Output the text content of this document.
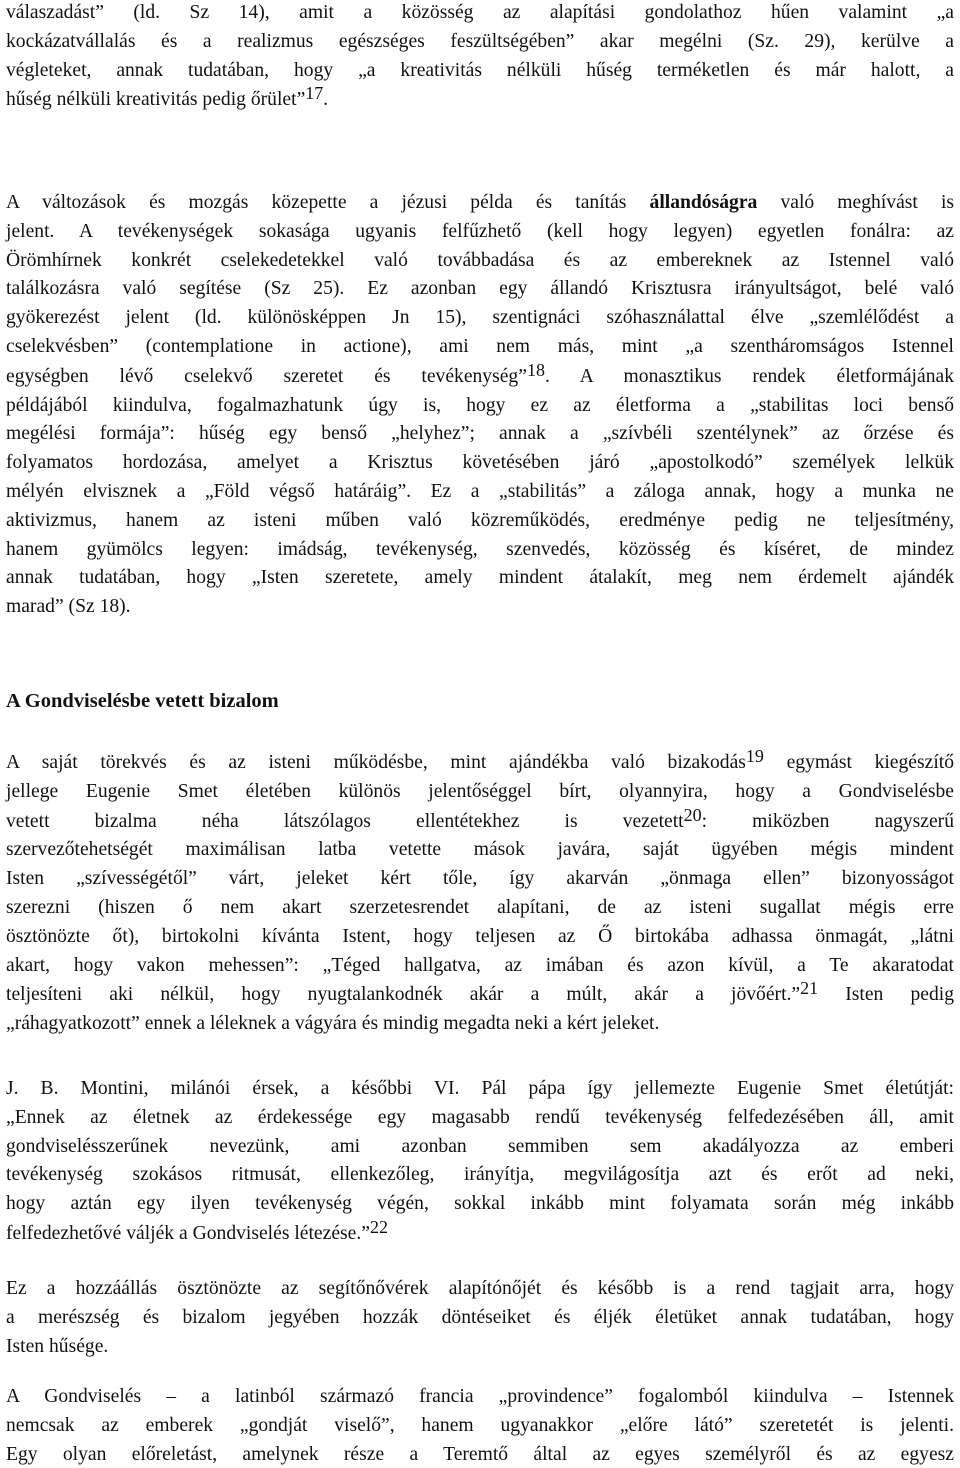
válaszadást” (ld. Sz 14), amit a közösség az alapítási gondolathoz hűen valamint „a
kockázatvállalás és a realizmus egészséges feszültségében” akar megélni (Sz. 29), kerülve a
végleteket, annak tudatában, hogy „a kreativitás nélküli hűség terméketlen és már halott, a
hűség nélküli kreativitás pedig őrület”17.
A változások és mozgás közepette a jézusi példa és tanítás állandóságra való meghívást is
jelent. A tevékenységek sokasága ugyanis felfűzhető (kell hogy legyen) egyetlen fonálra: az
Örömhírnek konkrét cselekedetekkel való továbbadása és az embereknek az Istennel való
találkozásra való segítése (Sz 25). Ez azonban egy állandó Krisztusra irányultságot, belé való
gyökerezést jelent (ld. különösképpen Jn 15), szentignáci szóhasználattal élve „szemlélődést a
cselekvésben” (contemplatione in actione), ami nem más, mint „a szentháromságos Istennel
egységben lévő cselekvő szeretet és tevékenység”18. A monasztikus rendek életformájának
példájából kiindulva, fogalmazhatunk úgy is, hogy ez az életforma a „stabilitas loci benső
megélési formája”: hűség egy benső „helyhez”; annak a „szívbéli szentélynek” az őrzése és
folyamatos hordozása, amelyet a Krisztus követésében járó „apostolkodó” személyek lelkük
mélyén elvisznek a „Föld végső határáig”. Ez a „stabilitás” a záloga annak, hogy a munka ne
aktivizmus, hanem az isteni műben való közreműködés, eredménye pedig ne teljesítmény,
hanem gyümölcs legyen: imádság, tevékenység, szenvedés, közösség és kíséret, de mindez
annak tudatában, hogy „Isten szeretete, amely mindent átalakít, meg nem érdemelt ajándék
marad” (Sz 18).
A Gondviselésbe vetett bizalom
A saját törekvés és az isteni működésbe, mint ajándékba való bizakodás19 egymást kiegészítő
jellege Eugenie Smet életében különös jelentőséggel bírt, olyannyira, hogy a Gondviselésbe
vetett bizalma néha látszólagos ellentétekhez is vezetett20: miközben nagyszerű
szervezőtehetségét maximálisan latba vetette mások javára, saját ügyében mégis mindent
Isten „szívességétől” várt, jeleket kért tőle, így akarván „önmaga ellen” bizonyosságot
szerezni (hiszen ő nem akart szerzetesrendet alapítani, de az isteni sugallat mégis erre
ösztönözte őt), birtokolni kívánta Istent, hogy teljesen az Ő birtokába adhassa önmagát, „látni
akart, hogy vakon mehessen”: „Téged hallgatva, az imában és azon kívül, a Te akaratodat
teljesíteni aki nélkül, hogy nyugtalankodnék akár a múlt, akár a jövőért.”21 Isten pedig
„ráhagyatkozott” ennek a léleknek a vágyára és mindig megadta neki a kért jeleket.
J. B. Montini, milánói érsek, a későbbi VI. Pál pápa így jellemezte Eugenie Smet életútját:
„Ennek az életnek az érdekessége egy magasabb rendű tevékenység felfedezésében áll, amit
gondviselésszerűnek nevezünk, ami azonban semmiben sem akadályozza az emberi
tevékenység szokásos ritmusát, ellenkezőleg, irányítja, megvilágosítja azt és erőt ad neki,
hogy aztán egy ilyen tevékenység végén, sokkal inkább mint folyamata során még inkább
felfedezhetővé váljék a Gondviselés létezése.”22
Ez a hozzáállás ösztönözte az segítőnővérek alapítónőjét és később is a rend tagjait arra, hogy
a merészség és bizalom jegyében hozzák döntéseiket és éljék életüket annak tudatában, hogy
Isten hűsége.
A Gondviselés – a latinból származó francia „provindence” fogalomból kiindulva – Istennek
nemcsak az emberek „gondját viselő”, hanem ugyanakkor „előre látó” szeretetét is jelenti.
Egy olyan előreletást, amelynek része a Teremtő által az egyes személyről és az egyesz
